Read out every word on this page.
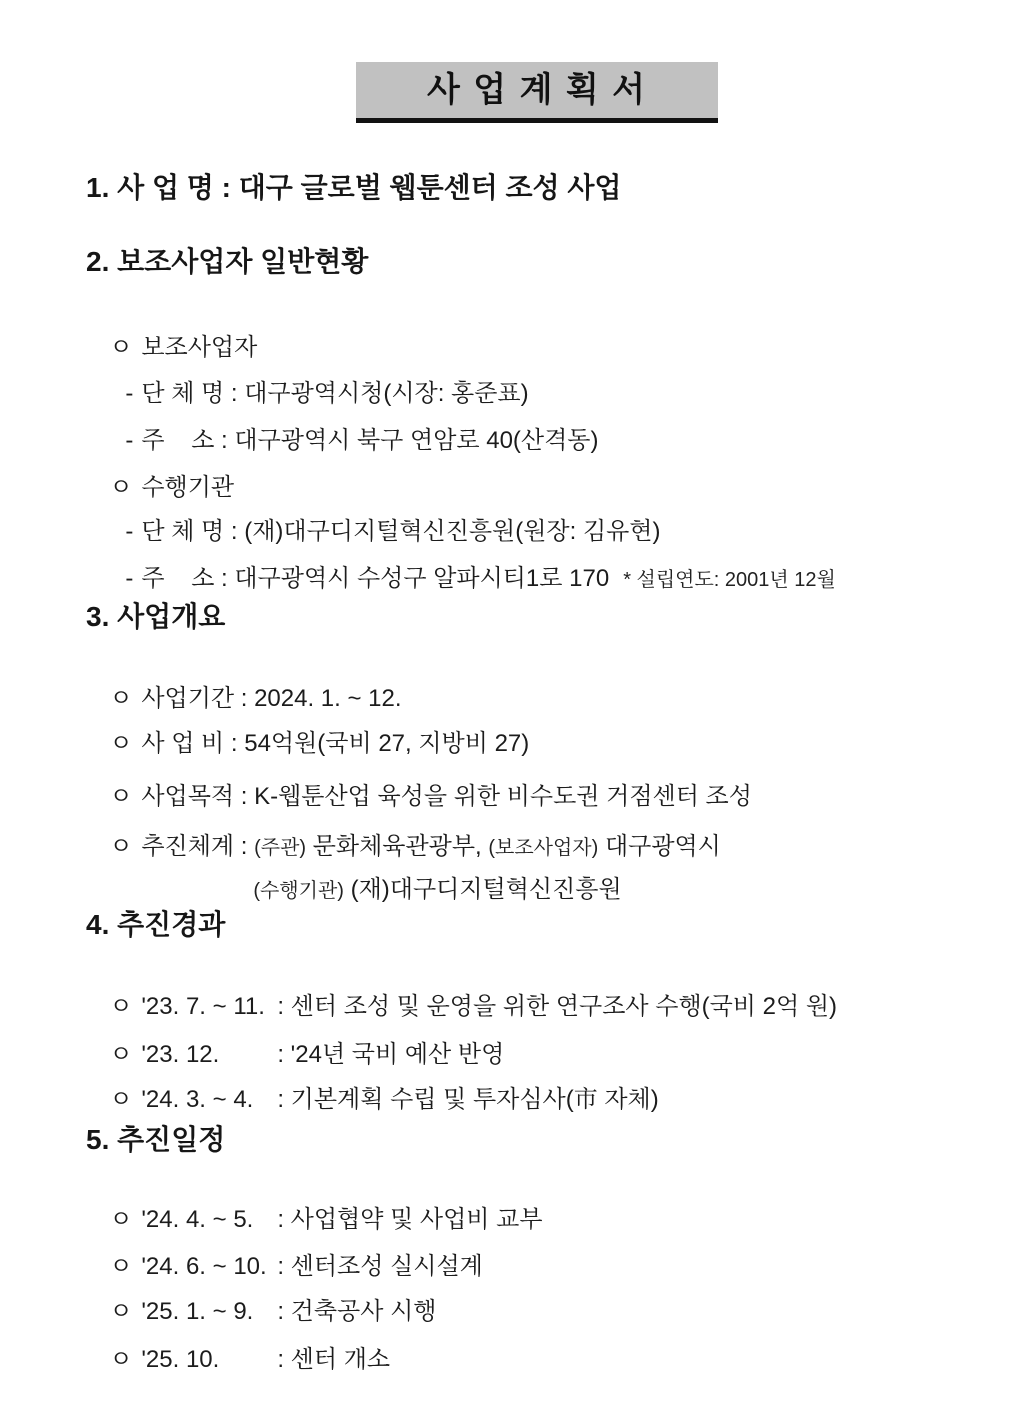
사 업 계 획 서
1. 사 업 명 : 대구 글로벌 웹툰센터 조성 사업
2. 보조사업자 일반현황

ㅇ 보조사업자

- 단 체 명 : 대구광역시청(시장: 홍준표)

- 주    소 : 대구광역시 북구 연암로 40(산격동)

ㅇ 수행기관

- 단 체 명 : (재)대구디지털혁신진흥원(원장: 김유현)

- 주    소 : 대구광역시 수성구 알파시티1로 170 * 설립연도: 2001년 12월

3. 사업개요

ㅇ 사업기간 : 2024. 1. ~ 12.

ㅇ 사 업 비 : 54억원(국비 27, 지방비 27)

ㅇ 사업목적 : K-웹툰산업 육성을 위한 비수도권 거점센터 조성

ㅇ 추진체계 : (주관) 문화체육관광부, (보조사업자) 대구광역시

(수행기관) (재)대구디지털혁신진흥원

4. 추진경과

ㅇ '23. 7. ~ 11. : 센터 조성 및 운영을 위한 연구조사 수행(국비 2억 원)

ㅇ '23. 12. : '24년 국비 예산 반영

ㅇ '24. 3. ~ 4. : 기본계획 수립 및 투자심사(市 자체)

5. 추진일정

ㅇ '24. 4. ~ 5. : 사업협약 및 사업비 교부

ㅇ '24. 6. ~ 10. : 센터조성 실시설계

ㅇ '25. 1. ~ 9. : 건축공사 시행

ㅇ '25. 10. : 센터 개소
